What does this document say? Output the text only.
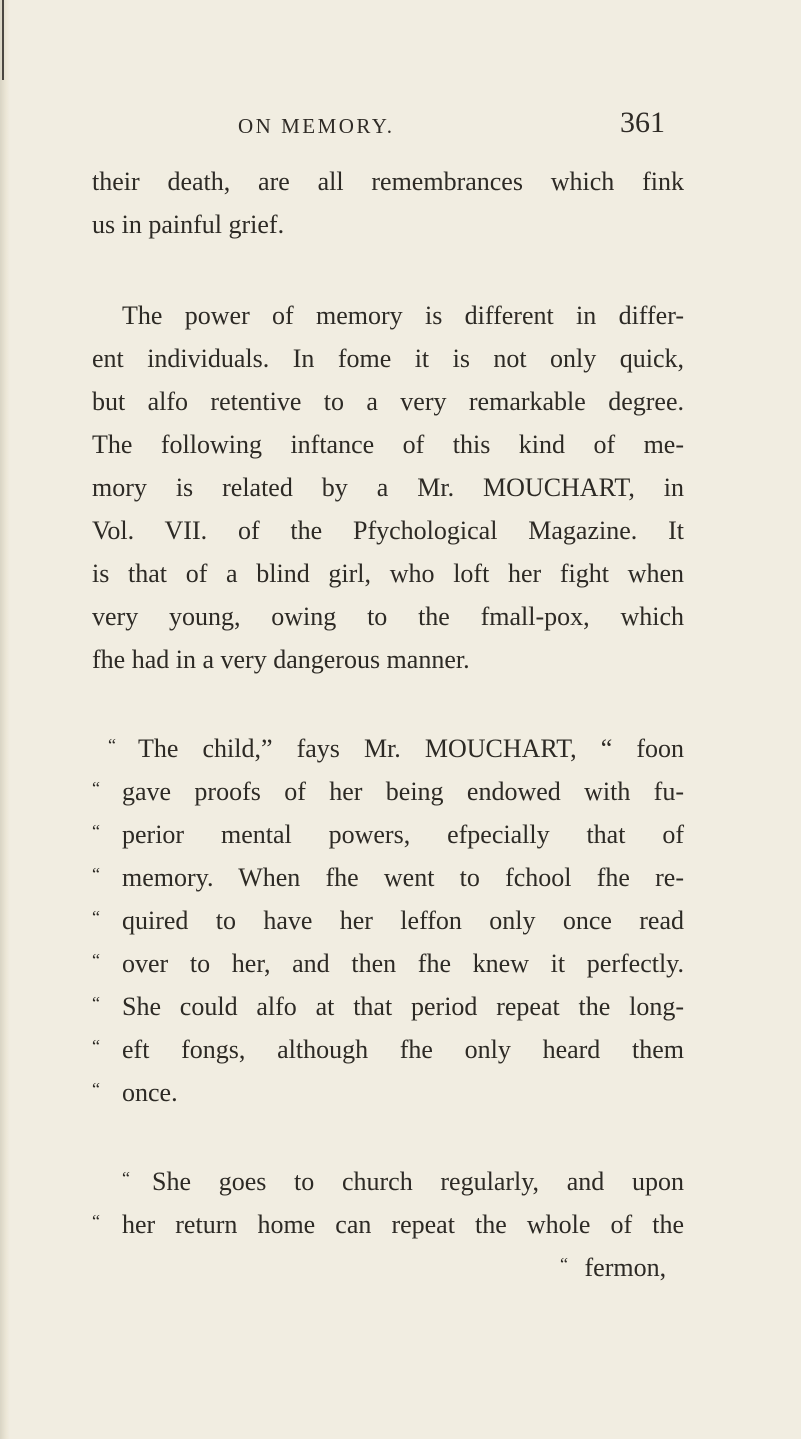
ON MEMORY.	361
their death, are all remembrances which fink
us in painful grief.
The power of memory is different in differ-
ent individuals. In fome it is not only quick,
but alfo retentive to a very remarkable degree.
The following inftance of this kind of me-
mory is related by a Mr. MOUCHART, in
Vol. VII. of the Pfychological Magazine. It
is that of a blind girl, who loft her fight when
very young, owing to the fmall-pox, which
fhe had in a very dangerous manner.
“ The child,” fays Mr. MOUCHART, “ foon
“ gave proofs of her being endowed with fu-
“ perior mental powers, efpecially that of
“ memory. When fhe went to fchool fhe re-
“ quired to have her leffon only once read
“ over to her, and then fhe knew it perfectly.
“ She could alfo at that period repeat the long-
“ eft fongs, although fhe only heard them
“ once.
“ She goes to church regularly, and upon
“ her return home can repeat the whole of the
“ fermon,
